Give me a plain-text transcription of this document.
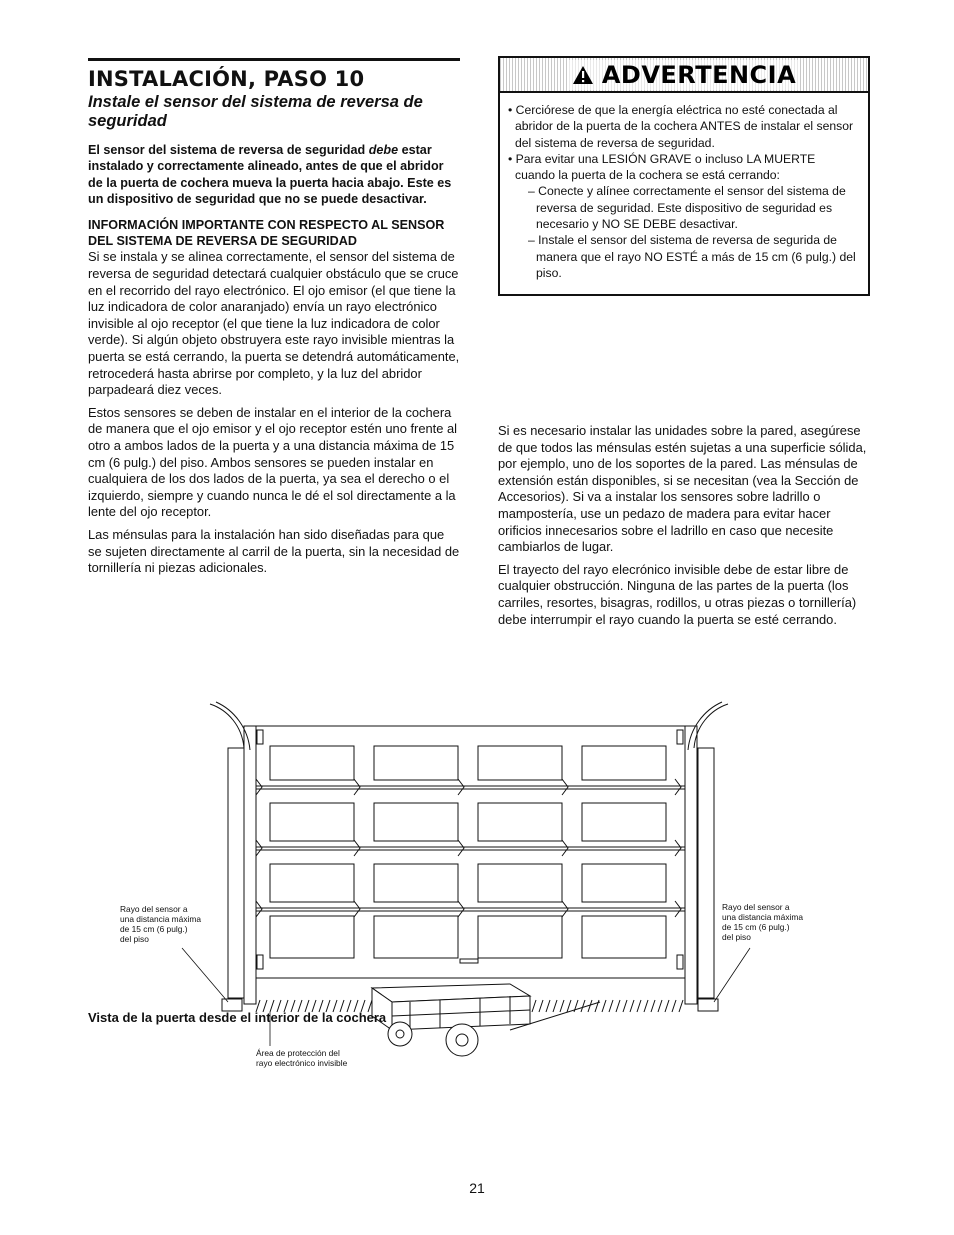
INSTALACIÓN, PASO 10
Instale el sensor del sistema de reversa de seguridad

El sensor del sistema de reversa de seguridad debe estar instalado y correctamente alineado, antes de que el abridor de la puerta de cochera mueva la puerta hacia abajo. Este es un dispositivo de seguridad que no se puede desactivar.

INFORMACIÓN IMPORTANTE CON RESPECTO AL SENSOR DEL SISTEMA DE REVERSA DE SEGURIDAD

Si se instala y se alinea correctamente, el sensor del sistema de reversa de seguridad detectará cualquier obstáculo que se cruce en el recorrido del rayo electrónico. El ojo emisor (el que tiene la luz indicadora de color anaranjado) envía un rayo electrónico invisible al ojo receptor (el que tiene la luz indicadora de color verde). Si algún objeto obstruyera este rayo invisible mientras la puerta se está cerrando, la puerta se detendrá automáticamente, retrocederá hasta abrirse por completo, y la luz del abridor parpadeará diez veces.

Estos sensores se deben de instalar en el interior de la cochera de manera que el ojo emisor y el ojo receptor estén uno frente al otro a ambos lados de la puerta y a una distancia máxima de 15 cm (6 pulg.) del piso. Ambos sensores se pueden instalar en cualquiera de los dos lados de la puerta, ya sea el derecho o el izquierdo, siempre y cuando nunca le dé el sol directamente a la lente del ojo receptor.

Las ménsulas para la instalación han sido diseñadas para que se sujeten directamente al carril de la puerta, sin la necesidad de tornillería ni piezas adicionales.

ADVERTENCIA

• Cerciórese de que la energía eléctrica no esté conectada al abridor de la puerta de la cochera ANTES de instalar el sensor del sistema de reversa de seguridad.

• Para evitar una LESIÓN GRAVE o incluso LA MUERTE cuando la puerta de la cochera se está cerrando:

– Conecte y alínee correctamente el sensor del sistema de reversa de seguridad. Este dispositivo de seguridad es necesario y NO SE DEBE desactivar.

– Instale el sensor del sistema de reversa de segurida de manera que el rayo NO ESTÉ a más de 15 cm (6 pulg.) del piso.

Si es necesario instalar las unidades sobre la pared, asegúrese de que todos las ménsulas estén sujetas a una superficie sólida, por ejemplo, uno de los soportes de la pared. Las ménsulas de extensión están disponibles, si se necesitan (vea la Sección de Accesorios). Si va a instalar los sensores sobre ladrillo o mampostería, use un pedazo de madera para evitar hacer orificios innecesarios sobre el ladrillo en caso que necesite cambiarlos de lugar.

El trayecto del rayo elecrónico invisible debe de estar libre de cualquier obstrucción. Ninguna de las partes de la puerta (los carriles, resortes, bisagras, rodillos, u otras piezas o tornillería) debe interrumpir el rayo cuando la puerta se esté cerrando.

Rayo del sensor a una distancia máxima de 15 cm (6 pulg.) del piso
Rayo del sensor a una distancia máxima de 15 cm (6 pulg.) del piso
Área de protección del rayo electrónico invisible
Vista de la puerta desde el interior de la cochera
21
